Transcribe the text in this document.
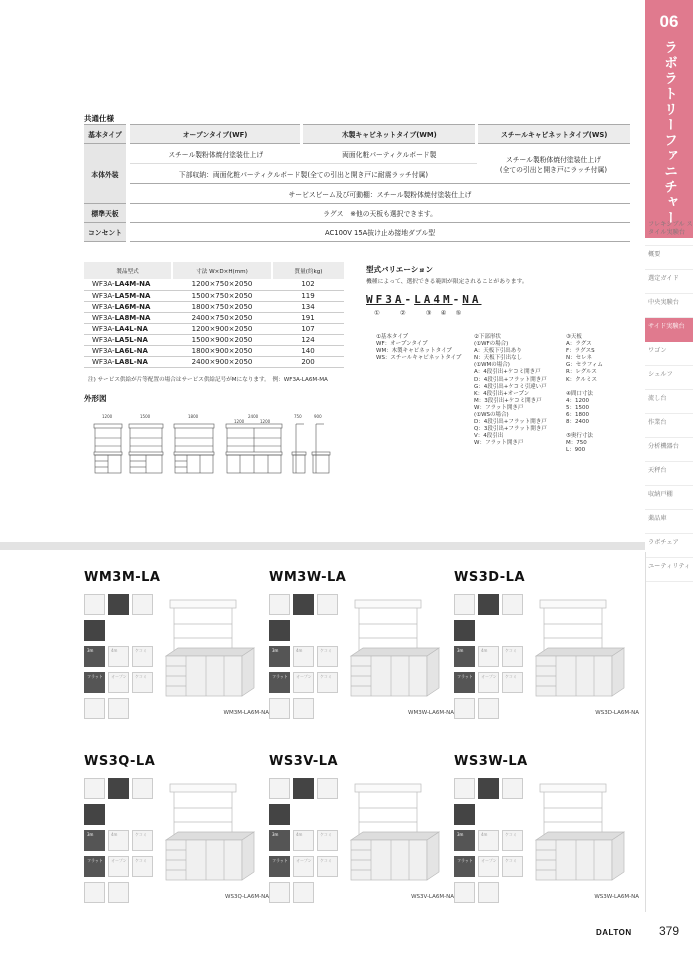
06
ラボラトリーファニチャー
フレキシブル スタイル実験台
概要
選定ガイド
中央実験台
サイド実験台
ワゴン
シェルフ
流し台
作業台
分析機器台
天秤台
収納戸棚
薬品庫
ラボチェア
ユーティリティ
共通仕様
基本タイプ	オープンタイプ(WF)	木製キャビネットタイプ(WM)	スチールキャビネットタイプ(WS)
本体外装	スチール製粉体焼付塗装仕上げ	両面化粧パーティクルボード製	スチール製粉体焼付塗装仕上げ
(全ての引出と開き戸にラッチ付属)
	下部収納：両面化粧パーティクルボード製(全ての引出と開き戸に耐震ラッチ付属)		
	サービスビーム及び可動棚：スチール製粉体焼付塗装仕上げ		
標準天板	ラグス　※他の天板も選択できます。		
コンセント	AC100V 15A抜け止め接地ダブル型		
製品型式	寸法 W×D×H(mm)	質量(約kg)
WF3A-LA4M-NA	1200×750×2050	102
WF3A-LA5M-NA	1500×750×2050	119
WF3A-LA6M-NA	1800×750×2050	134
WF3A-LA8M-NA	2400×750×2050	191
WF3A-LA4L-NA	1200×900×2050	107
WF3A-LA5L-NA	1500×900×2050	124
WF3A-LA6L-NA	1800×900×2050	140
WF3A-LA8L-NA	2400×900×2050	200
注) サービス供給が片等配置の場合はサービス供給記号がMになります。　例：WF3A-LA6M-MA
型式バリエーション
機種によって、選択できる範囲が限定されることがあります。
WF3A-LA4M-NA
① ② ③④⑤
①基本タイプ
WF：オープンタイプ
WM：木製キャビネットタイプ
WS：スチールキャビネットタイプ
②下部形状
(①WFの場合)
A：天板下引出あり
N：天板下引出なし
(①WMの場合)
A：4段引出+ケコミ開き戸
D：4段引出+フラット開き戸
G：4段引出+ケコミ引違い戸
K：4段引出+オープン
M：3段引出+ケコミ開き戸
W：フラット開き戸
(①WSの場合)
D：4段引出+フラット開き戸
Q：3段引出+フラット開き戸
V：4段引出
W：フラット開き戸
③天板
A：ラグス
F：ラグスS
N：セレネ
G：セラフィム
R：レグルス
K：クルミス
④間口寸法
4：1200
5：1500
6：1800
8：2400
⑤奥行寸法
M：750
L：900
外形図
1200	1500	1800	2400
1200	1200
750	900
WM3M-LA
3m	4m	ケコミ
フラット オープン ケコミ
WM3M-LA6M-NA
WM3W-LA
3m	4m	ケコミ
フラット オープン ケコミ
WM3W-LA6M-NA
WS3D-LA
3m	4m	ケコミ
フラット オープン ケコミ
WS3D-LA6M-NA
WS3Q-LA
3m	4m	ケコミ
フラット オープン ケコミ
WS3Q-LA6M-NA
WS3V-LA
3m	4m	ケコミ
フラット オープン ケコミ
WS3V-LA6M-NA
WS3W-LA
3m	4m	ケコミ
フラット オープン ケコミ
WS3W-LA6M-NA
DALTON	379
